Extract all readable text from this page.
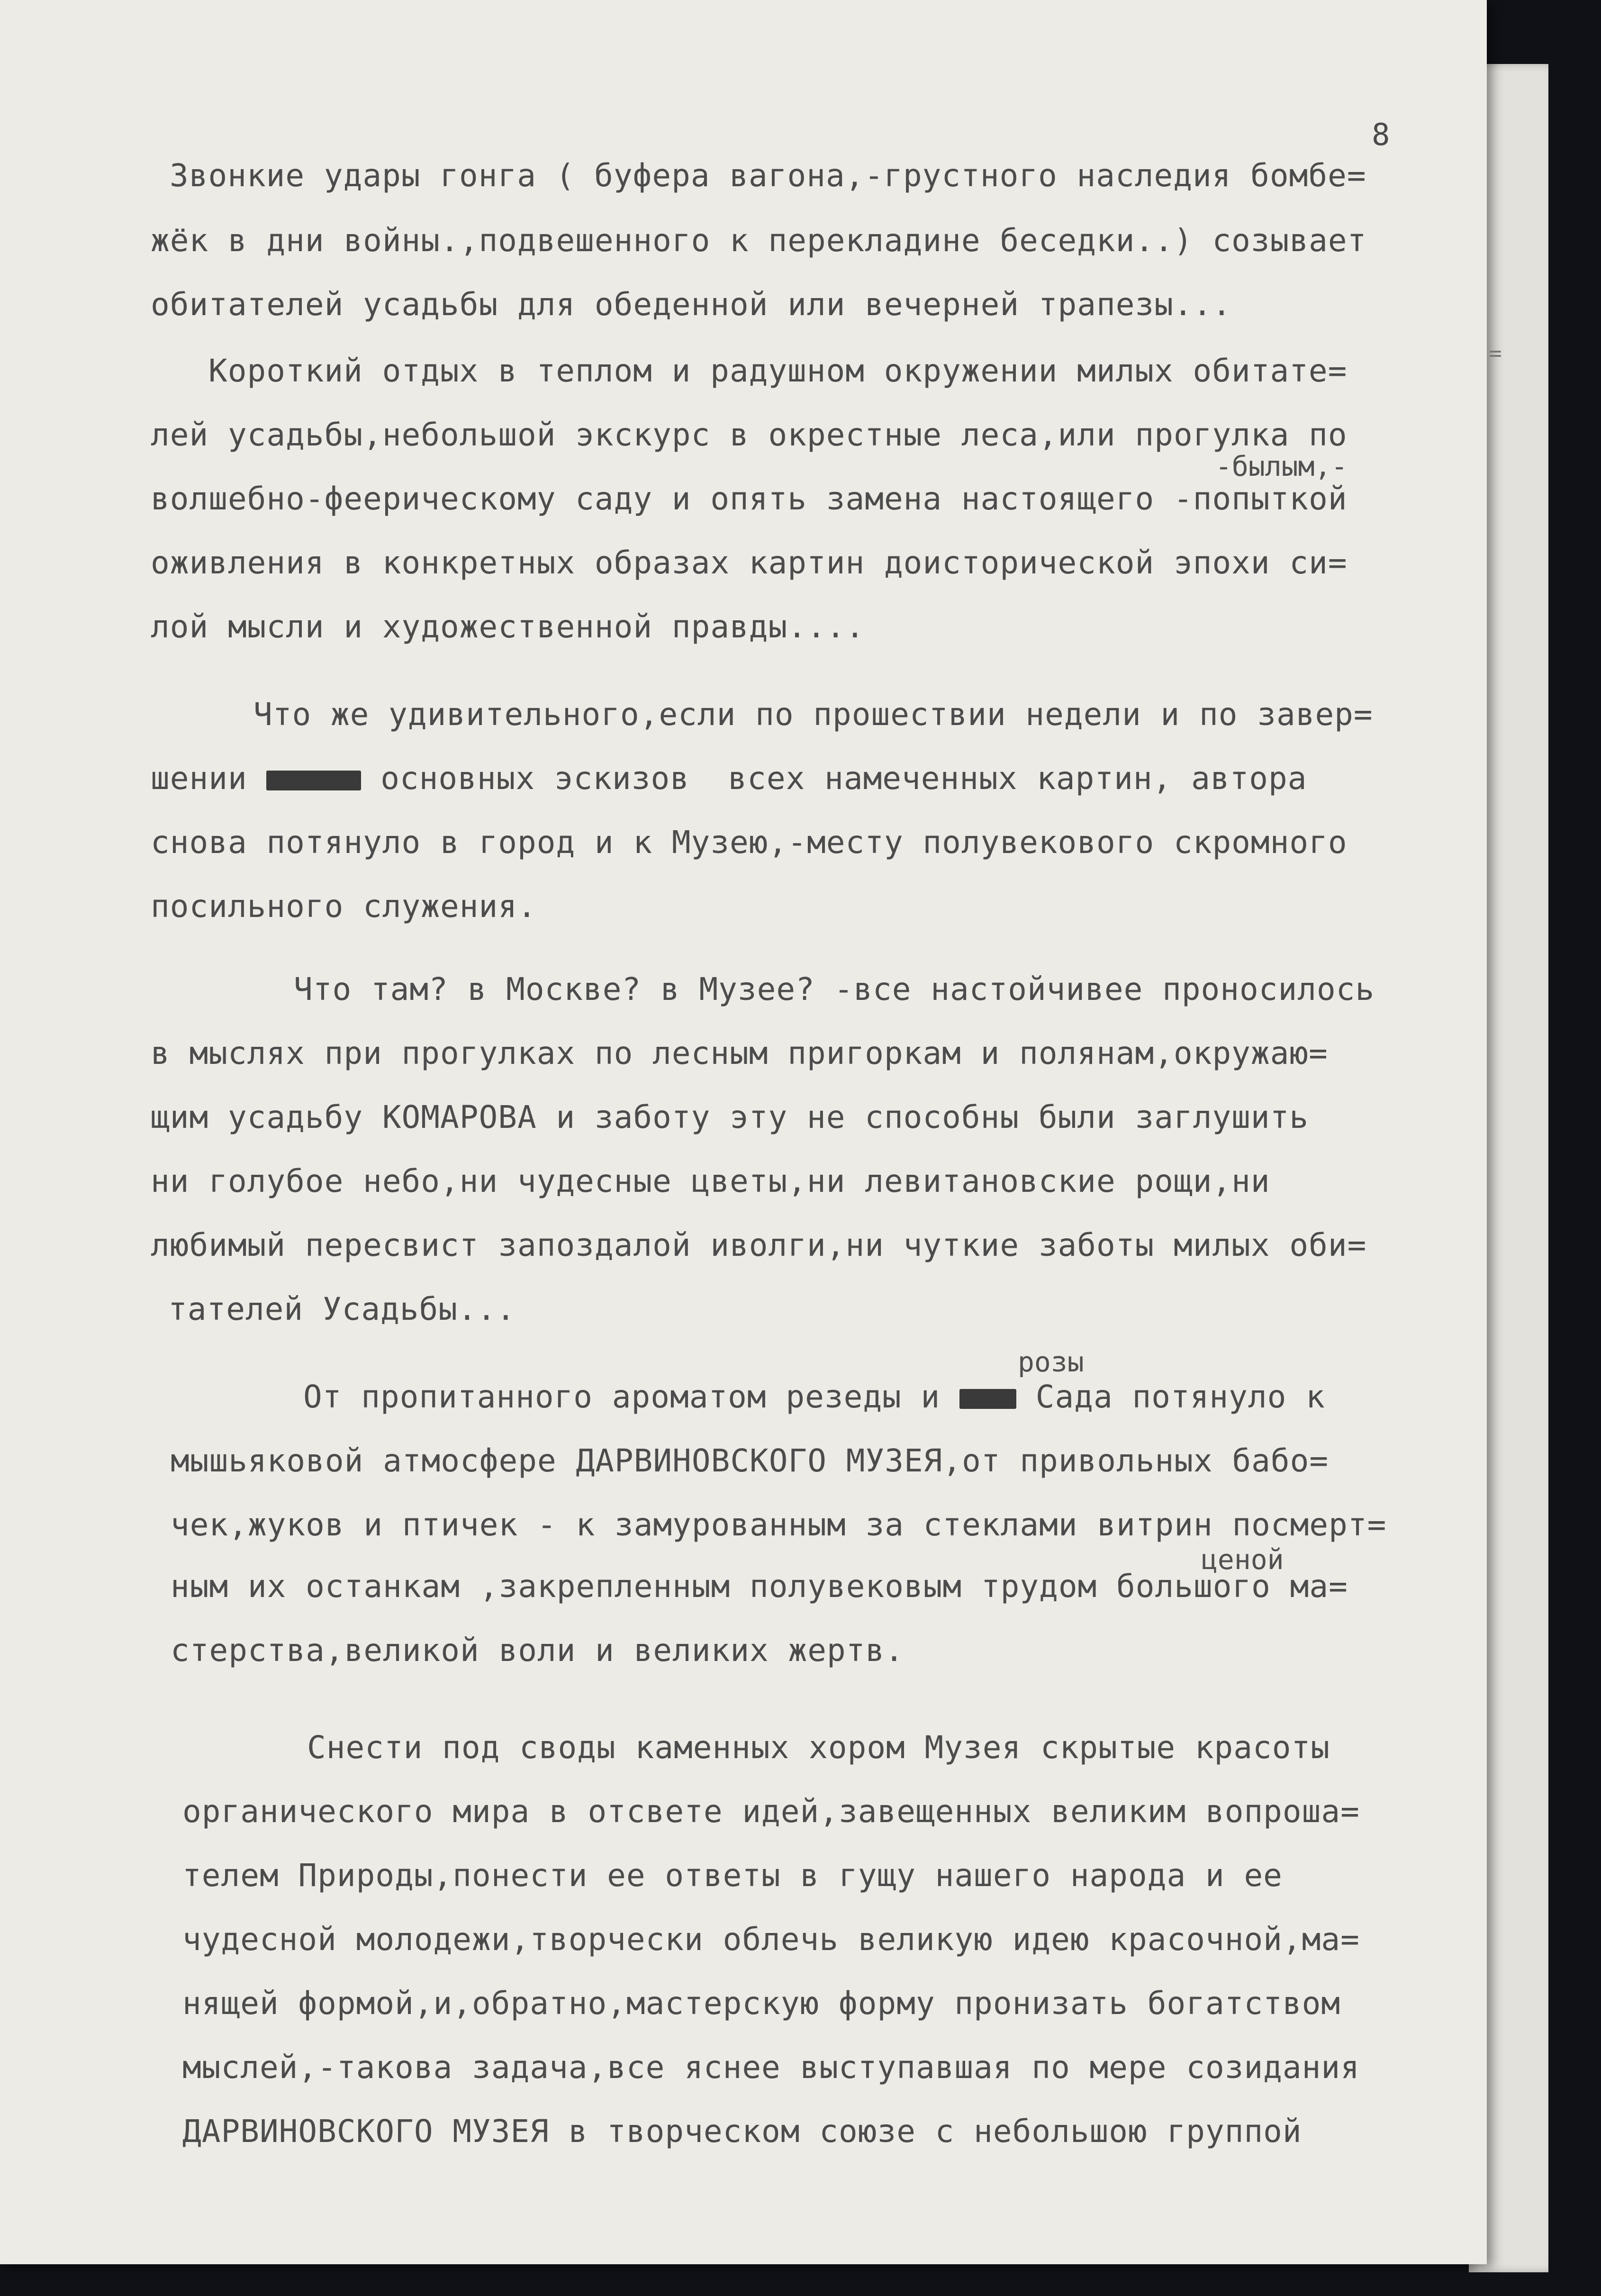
8
Звонкие удары гонга ( буфера вагона,-грустного наследия бомбе=
жёк в дни войны.,подвешенного к перекладине беседки..) созывает
обитателей усадьбы для обеденной или вечерней трапезы...
Короткий отдых в теплом и радушном окружении милых обитате=
лей усадьбы,небольшой экскурс в окрестные леса,или прогулка по
-былым,-
волшебно-феерическому саду и опять замена настоящего -попыткой
оживления в конкретных образах картин доисторической эпохи си=
лой мысли и художественной правды....
=
Что же удивительного,если по прошествии недели и по завер=
шении	основных эскизов  всех намеченных картин, автора
снова потянуло в город и к Музею,-месту полувекового скромного
посильного служения.
Что там? в Москве? в Музее? -все настойчивее проносилось
в мыслях при прогулках по лесным пригоркам и полянам,окружаю=
щим усадьбу КОМАРОВА и заботу эту не способны были заглушить
ни голубое небо,ни чудесные цветы,ни левитановские рощи,ни
любимый пересвист запоздалой иволги,ни чуткие заботы милых оби=
тателей Усадьбы...
розы
От пропитанного ароматом резеды и	Сада потянуло к
мышьяковой атмосфере ДАРВИНОВСКОГО МУЗЕЯ,от привольных бабо=
чек,жуков и птичек - к замурованным за стеклами витрин посмерт=
ценой
ным их останкам ,закрепленным полувековым трудом большого ма=
стерства,великой воли и великих жертв.
Снести под своды каменных хором Музея скрытые красоты
органического мира в отсвете идей,завещенных великим вопроша=
телем Природы,понести ее ответы в гущу нашего народа и ее
чудесной молодежи,творчески облечь великую идею красочной,ма=
нящей формой,и,обратно,мастерскую форму пронизать богатством
мыслей,-такова задача,все яснее выступавшая по мере созидания
ДАРВИНОВСКОГО МУЗЕЯ в творческом союзе с небольшою группой
